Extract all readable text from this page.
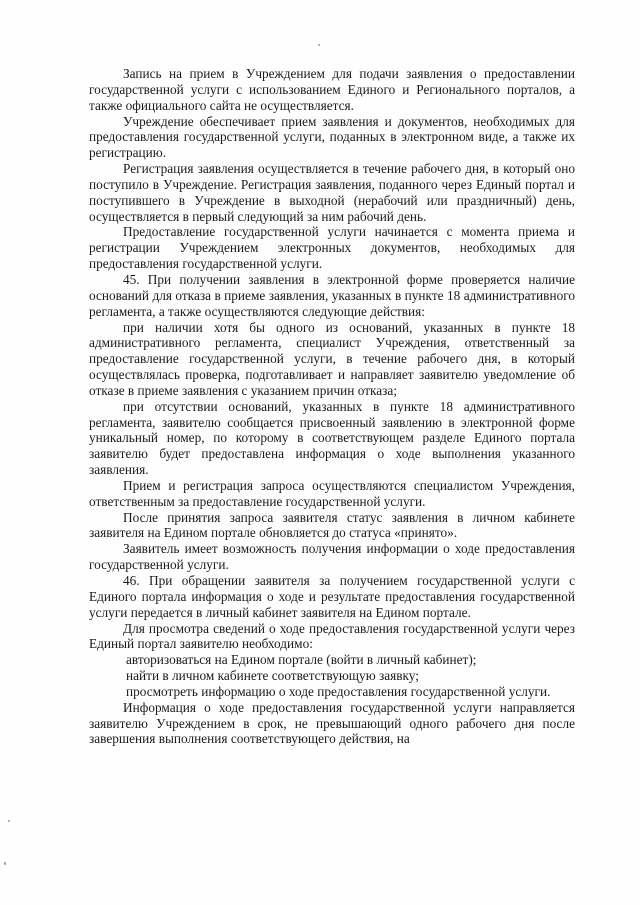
Запись на прием в Учреждением для подачи заявления о предоставлении государственной услуги с использованием Единого и Регионального порталов, а также официального сайта не осуществляется.

Учреждение обеспечивает прием заявления и документов, необходимых для предоставления государственной услуги, поданных в электронном виде, а также их регистрацию.

Регистрация заявления осуществляется в течение рабочего дня, в который оно поступило в Учреждение. Регистрация заявления, поданного через Единый портал и поступившего в Учреждение в выходной (нерабочий или праздничный) день, осуществляется в первый следующий за ним рабочий день.

Предоставление государственной услуги начинается с момента приема и регистрации Учреждением электронных документов, необходимых для предоставления государственной услуги.

45. При получении заявления в электронной форме проверяется наличие оснований для отказа в приеме заявления, указанных в пункте 18 административного регламента, а также осуществляются следующие действия:

при наличии хотя бы одного из оснований, указанных в пункте 18 административного регламента, специалист Учреждения, ответственный за предоставление государственной услуги, в течение рабочего дня, в который осуществлялась проверка, подготавливает и направляет заявителю уведомление об отказе в приеме заявления с указанием причин отказа;

при отсутствии оснований, указанных в пункте 18 административного регламента, заявителю сообщается присвоенный заявлению в электронной форме уникальный номер, по которому в соответствующем разделе Единого портала заявителю будет предоставлена информация о ходе выполнения указанного заявления.

Прием и регистрация запроса осуществляются специалистом Учреждения, ответственным за предоставление государственной услуги.

После принятия запроса заявителя статус заявления в личном кабинете заявителя на Едином портале обновляется до статуса «принято».

Заявитель имеет возможность получения информации о ходе предоставления государственной услуги.

46. При обращении заявителя за получением государственной услуги с Единого портала информация о ходе и результате предоставления государственной услуги передается в личный кабинет заявителя на Едином портале.

Для просмотра сведений о ходе предоставления государственной услуги через Единый портал заявителю необходимо:

авторизоваться на Едином портале (войти в личный кабинет);

найти в личном кабинете соответствующую заявку;

просмотреть информацию о ходе предоставления государственной услуги.

Информация о ходе предоставления государственной услуги направляется заявителю Учреждением в срок, не превышающий одного рабочего дня после завершения выполнения соответствующего действия, на
